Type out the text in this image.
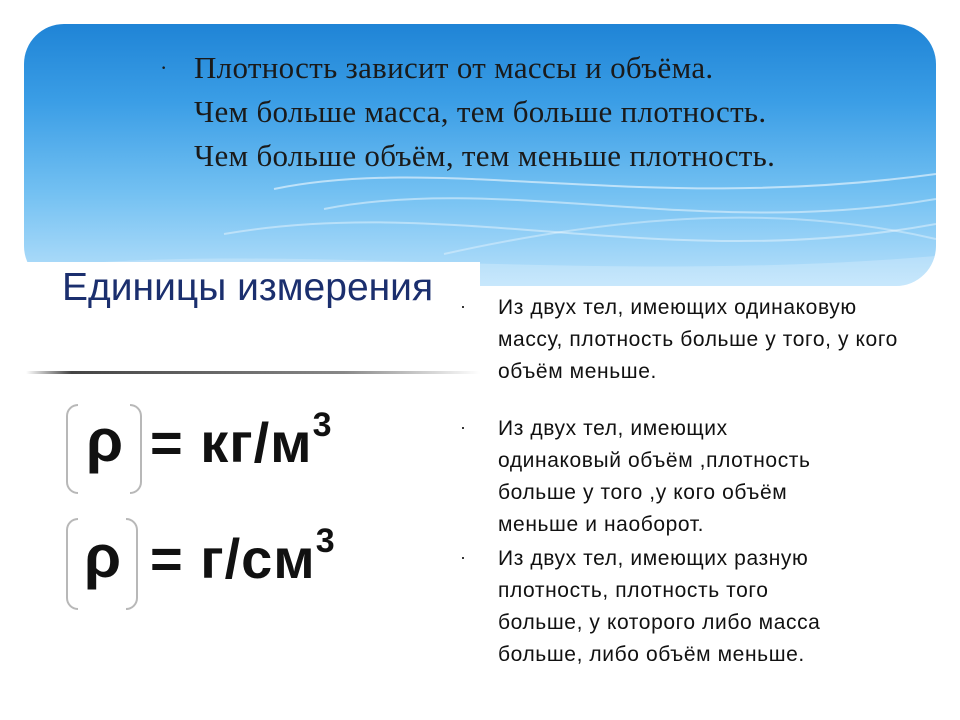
· Плотность зависит от массы и объёма.
Чем больше масса, тем больше плотность.
Чем больше объём, тем меньше плотность.
Единицы измерения
$\rho = кг/м^3$
$\rho = г/см^3$
· Из двух тел, имеющих одинаковую
массу, плотность больше у того, у кого
объём меньше.
· Из двух тел, имеющих
одинаковый объём ,плотность
больше у того ,у кого объём
меньше и наоборот.
· Из двух тел, имеющих разную
плотность, плотность того
больше, у которого либо масса
больше, либо объём меньше.
